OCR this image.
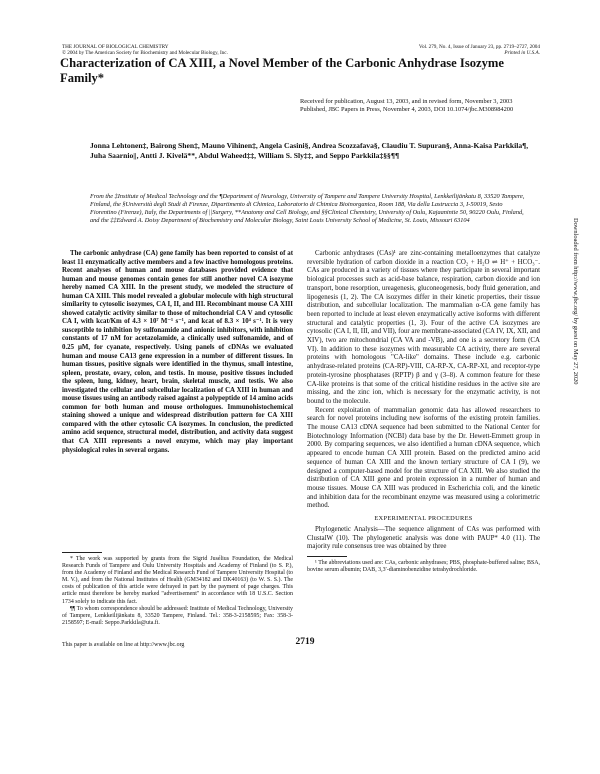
THE JOURNAL OF BIOLOGICAL CHEMISTRY
© 2004 by The American Society for Biochemistry and Molecular Biology, Inc.
Vol. 279, No. 4, Issue of January 23, pp. 2719–2727, 2004
Printed in U.S.A.
Characterization of CA XIII, a Novel Member of the Carbonic Anhydrase Isozyme Family*
Received for publication, August 13, 2003, and in revised form, November 3, 2003 Published, JBC Papers in Press, November 4, 2003, DOI 10.1074/jbc.M308984200
Jonna Lehtonen‡, Bairong Shen‡, Mauno Vihinen‡, Angela Casini§, Andrea Scozzafava§, Claudiu T. Supuran§, Anna-Kaisa Parkkila¶, Juha Saarnio||, Antti J. Kivelä**, Abdul Waheed‡‡, William S. Sly‡‡, and Seppo Parkkila‡§§¶¶
From the ‡Institute of Medical Technology and the ¶Department of Neurology, University of Tampere and Tampere University Hospital, Lenkkeilijänkatu 8, 33520 Tampere, Finland, the §Università degli Studi di Firenze, Dipartimento di Chimica, Laboratorio di Chimica Bioinorganica, Room 188, Via della Lastruccia 3, I-50019, Sesto Fiorentino (Firenze), Italy, the Departments of ||Surgery, **Anatomy and Cell Biology, and §§Clinical Chemistry, University of Oulu, Kajaanintie 50, 90220 Oulu, Finland, and the ‡‡Edward A. Doisy Department of Biochemistry and Molecular Biology, Saint Louis University School of Medicine, St. Louis, Missouri 63104

The carbonic anhydrase (CA) gene family has been reported to consist of at least 11 enzymatically active members and a few inactive homologous proteins. Recent analyses of human and mouse databases provided evidence that human and mouse genomes contain genes for still another novel CA isozyme hereby named CA XIII. In the present study, we modeled the structure of human CA XIII. This model revealed a globular molecule with high structural similarity to cytosolic isozymes, CA I, II, and III. Recombinant mouse CA XIII showed catalytic activity similar to those of mitochondrial CA V and cytosolic CA I, with kcat/Km of 4.3 × 10⁷ M⁻¹ s⁻¹, and kcat of 8.3 × 10⁴ s⁻¹. It is very susceptible to inhibition by sulfonamide and anionic inhibitors, with inhibition constants of 17 nM for acetazolamide, a clinically used sulfonamide, and of 0.25 μM, for cyanate, respectively. Using panels of cDNAs we evaluated human and mouse CA13 gene expression in a number of different tissues. In human tissues, positive signals were identified in the thymus, small intestine, spleen, prostate, ovary, colon, and testis. In mouse, positive tissues included the spleen, lung, kidney, heart, brain, skeletal muscle, and testis. We also investigated the cellular and subcellular localization of CA XIII in human and mouse tissues using an antibody raised against a polypeptide of 14 amino acids common for both human and mouse orthologues. Immunohistochemical staining showed a unique and widespread distribution pattern for CA XIII compared with the other cytosolic CA isozymes. In conclusion, the predicted amino acid sequence, structural model, distribution, and activity data suggest that CA XIII represents a novel enzyme, which may play important physiological roles in several organs.

Carbonic anhydrases (CAs)¹ are zinc-containing metalloenzymes that catalyze reversible hydration of carbon dioxide in a reaction CO₂ + H₂O ⇌ H⁺ + HCO₃⁻. CAs are produced in a variety of tissues where they participate in several important biological processes such as acid-base balance, respiration, carbon dioxide and ion transport, bone resorption, ureagenesis, gluconeogenesis, body fluid generation, and lipogenesis (1, 2). The CA isozymes differ in their kinetic properties, their tissue distribution, and subcellular localization. The mammalian α-CA gene family has been reported to include at least eleven enzymatically active isoforms with different structural and catalytic properties (1, 3). Four of the active CA isozymes are cytosolic (CA I, II, III, and VII), four are membrane-associated (CA IV, IX, XII, and XIV), two are mitochondrial (CA VA and -VB), and one is a secretory form (CA VI). In addition to these isozymes with measurable CA activity, there are several proteins with homologous "CA-like" domains. These include e.g. carbonic anhydrase-related proteins (CA-RP)-VIII, CA-RP-X, CA-RP-XI, and receptor-type protein-tyrosine phosphatases (RPTP) β and γ (3–8). A common feature for these CA-like proteins is that some of the critical histidine residues in the active site are missing, and the zinc ion, which is necessary for the enzymatic activity, is not bound to the molecule.

Recent exploitation of mammalian genomic data has allowed researchers to search for novel proteins including new isoforms of the existing protein families. The mouse CA13 cDNA sequence had been submitted to the National Center for Biotechnology Information (NCBI) data base by the Dr. Hewett-Emmett group in 2000. By comparing sequences, we also identified a human cDNA sequence, which appeared to encode human CA XIII protein. Based on the predicted amino acid sequence of human CA XIII and the known tertiary structure of CA I (9), we designed a computer-based model for the structure of CA XIII. We also studied the distribution of CA XIII gene and protein expression in a number of human and mouse tissues. Mouse CA XIII was produced in Escherichia coli, and the kinetic and inhibition data for the recombinant enzyme was measured using a colorimetric method.

EXPERIMENTAL PROCEDURES

Phylogenetic Analysis—The sequence alignment of CAs was performed with ClustalW (10). The phylogenetic analysis was done with PAUP* 4.0 (11). The majority rule consensus tree was obtained by three

* The work was supported by grants from the Sigrid Jusélius Foundation, the Medical Research Funds of Tampere and Oulu University Hospitals and Academy of Finland (to S. P.), from the Academy of Finland and the Medical Research Fund of Tampere University Hospital (to M. V.), and from the National Institutes of Health (GM34182 and DK40163) (to W. S. S.). The costs of publication of this article were defrayed in part by the payment of page charges. This article must therefore be hereby marked "advertisement" in accordance with 18 U.S.C. Section 1734 solely to indicate this fact.

¶¶ To whom correspondence should be addressed: Institute of Medical Technology, University of Tampere, Lenkkeilijänkatu 8, 33520 Tampere, Finland. Tel.: 358-3-2158595; Fax: 358-3-2158597; E-mail: Seppo.Parkkila@uta.fi.

¹ The abbreviations used are: CAs, carbonic anhydrases; PBS, phosphate-buffered saline; BSA, bovine serum albumin; DAB, 3,3′-diaminobenzidine tetrahydrochloride.

This paper is available on line at http://www.jbc.org	2719
Downloaded from http://www.jbc.org/ by guest on May 27, 2020
